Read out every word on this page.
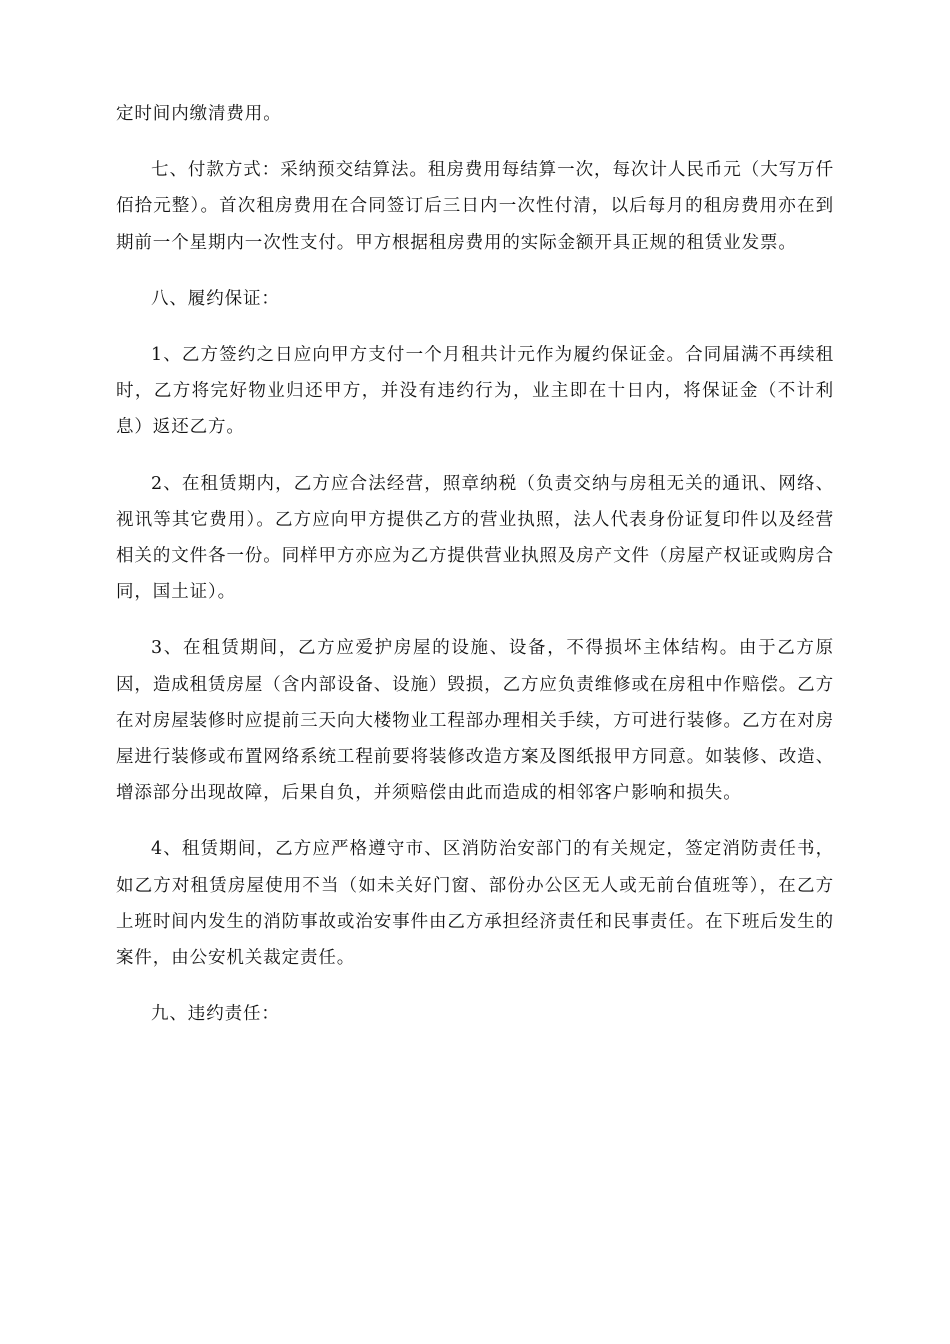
定时间内缴清费用。

七、付款方式：采纳预交结算法。租房费用每结算一次，每次计人民币元（大写万仟佰拾元整）。首次租房费用在合同签订后三日内一次性付清，以后每月的租房费用亦在到期前一个星期内一次性支付。甲方根据租房费用的实际金额开具正规的租赁业发票。

八、履约保证：

1、乙方签约之日应向甲方支付一个月租共计元作为履约保证金。合同届满不再续租时，乙方将完好物业归还甲方，并没有违约行为，业主即在十日内，将保证金（不计利息）返还乙方。

2、在租赁期内，乙方应合法经营，照章纳税（负责交纳与房租无关的通讯、网络、视讯等其它费用）。乙方应向甲方提供乙方的营业执照，法人代表身份证复印件以及经营相关的文件各一份。同样甲方亦应为乙方提供营业执照及房产文件（房屋产权证或购房合同，国土证）。

3、在租赁期间，乙方应爱护房屋的设施、设备，不得损坏主体结构。由于乙方原因，造成租赁房屋（含内部设备、设施）毁损，乙方应负责维修或在房租中作赔偿。乙方在对房屋装修时应提前三天向大楼物业工程部办理相关手续，方可进行装修。乙方在对房屋进行装修或布置网络系统工程前要将装修改造方案及图纸报甲方同意。如装修、改造、增添部分出现故障，后果自负，并须赔偿由此而造成的相邻客户影响和损失。

4、租赁期间，乙方应严格遵守市、区消防治安部门的有关规定，签定消防责任书，如乙方对租赁房屋使用不当（如未关好门窗、部份办公区无人或无前台值班等），在乙方上班时间内发生的消防事故或治安事件由乙方承担经济责任和民事责任。在下班后发生的案件，由公安机关裁定责任。

九、违约责任：
